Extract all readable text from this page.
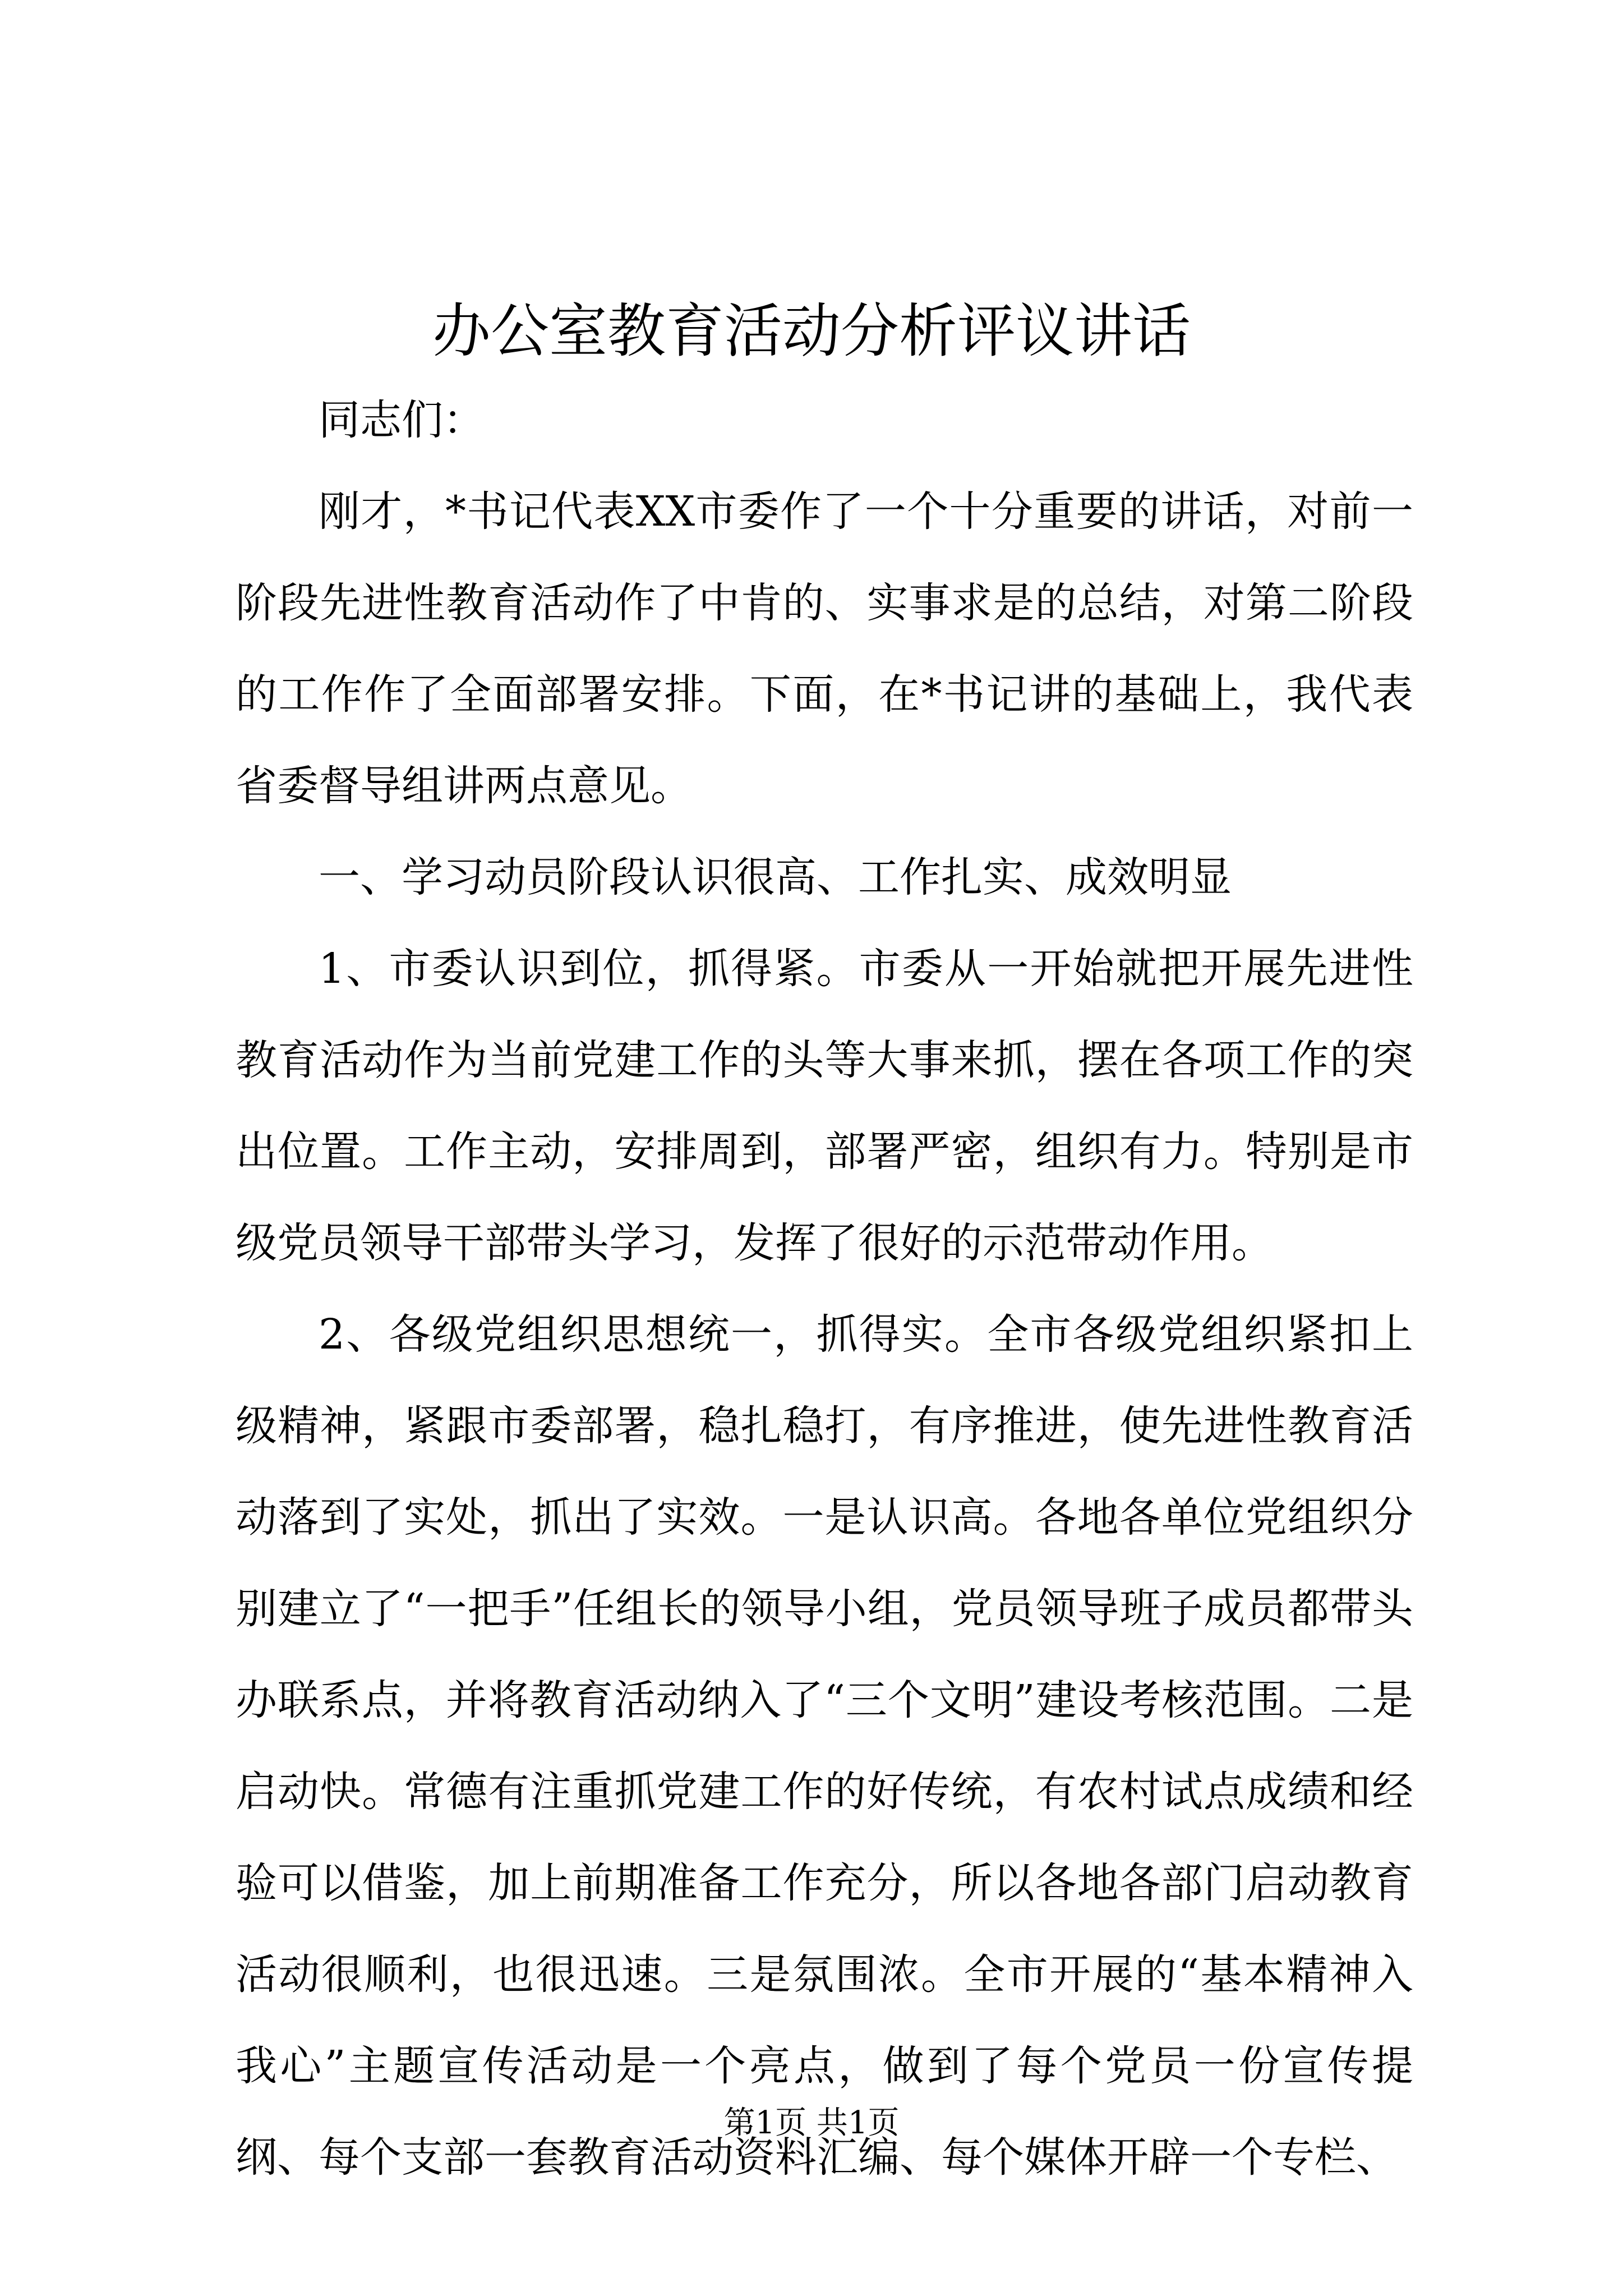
办公室教育活动分析评议讲话

同志们：

刚才，*书记代表XX市委作了一个十分重要的讲话，对前一阶段先进性教育活动作了中肯的、实事求是的总结，对第二阶段的工作作了全面部署安排。下面，在*书记讲的基础上，我代表省委督导组讲两点意见。

一、学习动员阶段认识很高、工作扎实、成效明显

1、市委认识到位，抓得紧。市委从一开始就把开展先进性教育活动作为当前党建工作的头等大事来抓，摆在各项工作的突出位置。工作主动，安排周到，部署严密，组织有力。特别是市级党员领导干部带头学习，发挥了很好的示范带动作用。

2、各级党组织思想统一，抓得实。全市各级党组织紧扣上级精神，紧跟市委部署，稳扎稳打，有序推进，使先进性教育活动落到了实处，抓出了实效。一是认识高。各地各单位党组织分别建立了“一把手”任组长的领导小组，党员领导班子成员都带头办联系点，并将教育活动纳入了“三个文明”建设考核范围。二是启动快。常德有注重抓党建工作的好传统，有农村试点成绩和经验可以借鉴，加上前期准备工作充分，所以各地各部门启动教育活动很顺利，也很迅速。三是氛围浓。全市开展的“基本精神入我心”主题宣传活动是一个亮点，做到了每个党员一份宣传提纲、每个支部一套教育活动资料汇编、每个媒体开辟一个专栏、

第1页 共1页
